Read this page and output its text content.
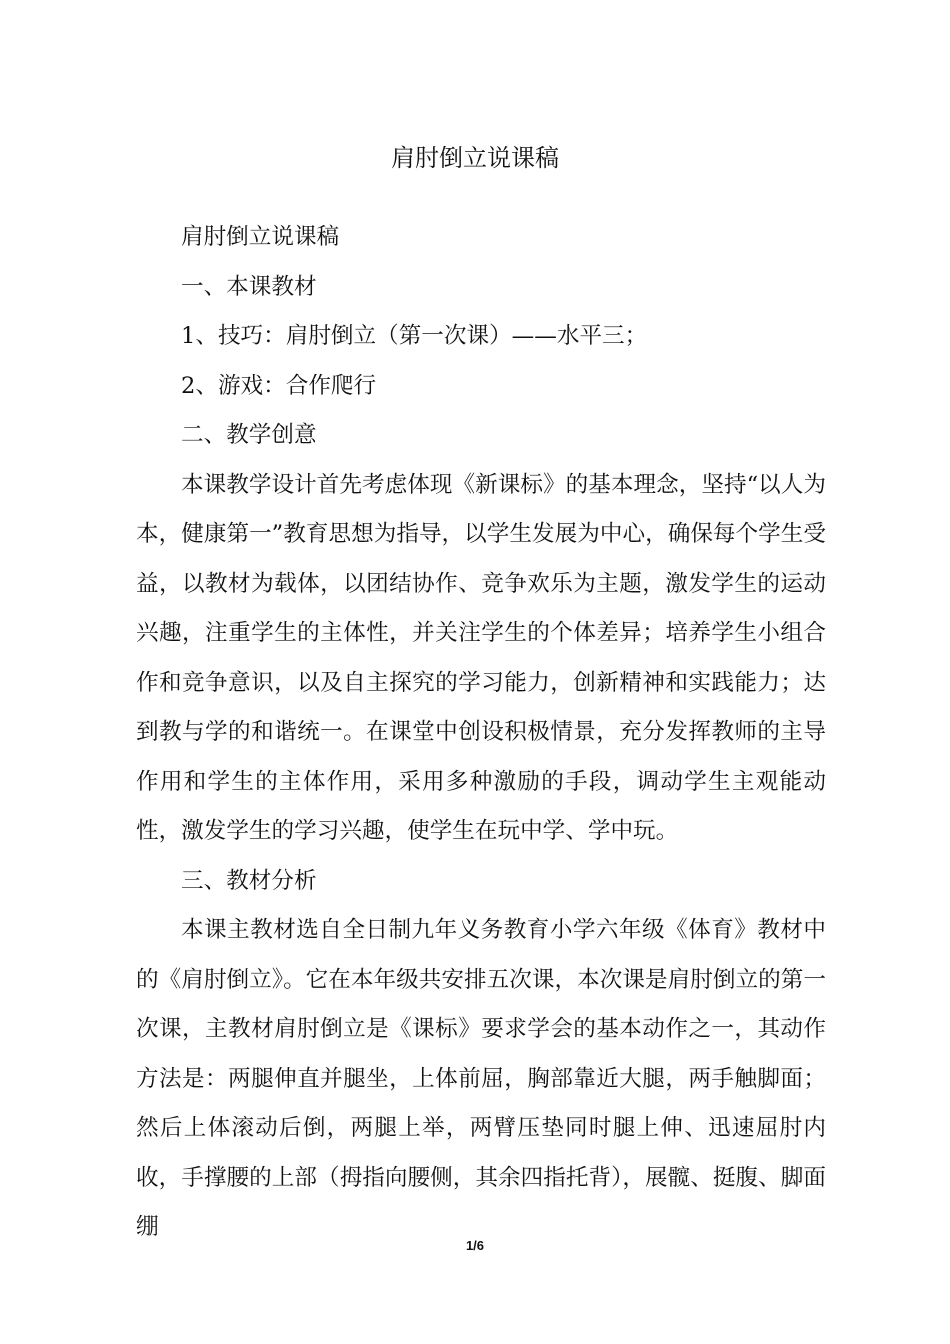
肩肘倒立说课稿

肩肘倒立说课稿

一、本课教材

1、技巧：肩肘倒立（第一次课）——水平三；

2、游戏：合作爬行

二、教学创意

本课教学设计首先考虑体现《新课标》的基本理念，坚持“以人为本，健康第一”教育思想为指导，以学生发展为中心，确保每个学生受益，以教材为载体，以团结协作、竞争欢乐为主题，激发学生的运动兴趣，注重学生的主体性，并关注学生的个体差异；培养学生小组合作和竞争意识，以及自主探究的学习能力，创新精神和实践能力；达到教与学的和谐统一。在课堂中创设积极情景，充分发挥教师的主导作用和学生的主体作用，采用多种激励的手段，调动学生主观能动性，激发学生的学习兴趣，使学生在玩中学、学中玩。

三、教材分析

本课主教材选自全日制九年义务教育小学六年级《体育》教材中的《肩肘倒立》。它在本年级共安排五次课，本次课是肩肘倒立的第一次课，主教材肩肘倒立是《课标》要求学会的基本动作之一，其动作方法是：两腿伸直并腿坐，上体前屈，胸部靠近大腿，两手触脚面；然后上体滚动后倒，两腿上举，两臂压垫同时腿上伸、迅速屈肘内收，手撑腰的上部（拇指向腰侧，其余四指托背），展髋、挺腹、脚面绷

1/6
